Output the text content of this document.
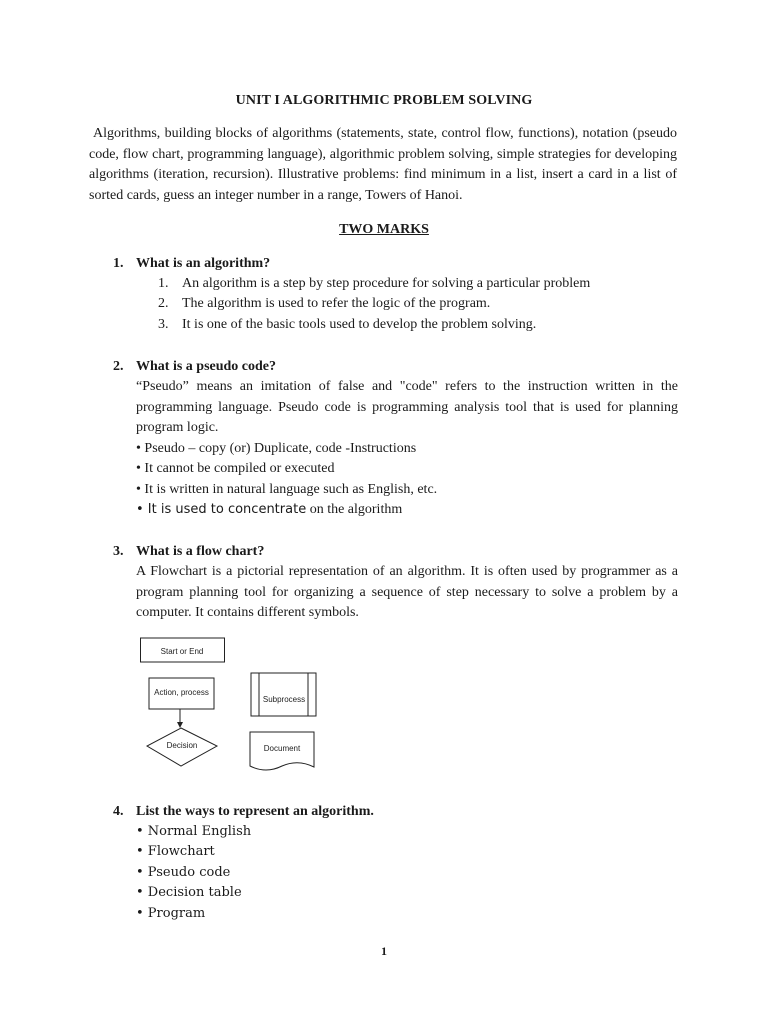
UNIT I ALGORITHMIC PROBLEM SOLVING

Algorithms, building blocks of algorithms (statements, state, control flow, functions), notation (pseudo code, flow chart, programming language), algorithmic problem solving, simple strategies for developing algorithms (iteration, recursion). Illustrative problems: find minimum in a list, insert a card in a list of sorted cards, guess an integer number in a range, Towers of Hanoi.

TWO MARKS
1. What is an algorithm?
1. An algorithm is a step by step procedure for solving a particular problem
2. The algorithm is used to refer the logic of the program.
3. It is one of the basic tools used to develop the problem solving.
2. What is a pseudo code?
“Pseudo” means an imitation of false and "code" refers to the instruction written in the programming language. Pseudo code is programming analysis tool that is used for planning program logic.
• Pseudo – copy (or) Duplicate, code -Instructions
• It cannot be compiled or executed
• It is written in natural language such as English, etc.
• It is used to concentrate on the algorithm
3. What is a flow chart?
A Flowchart is a pictorial representation of an algorithm. It is often used by programmer as a program planning tool for organizing a sequence of step necessary to solve a problem by a computer. It contains different symbols.
Start or End
Action, process
Decision
Subprocess
Document
4. List the ways to represent an algorithm.
• Normal English
• Flowchart
• Pseudo code
• Decision table
• Program
1
